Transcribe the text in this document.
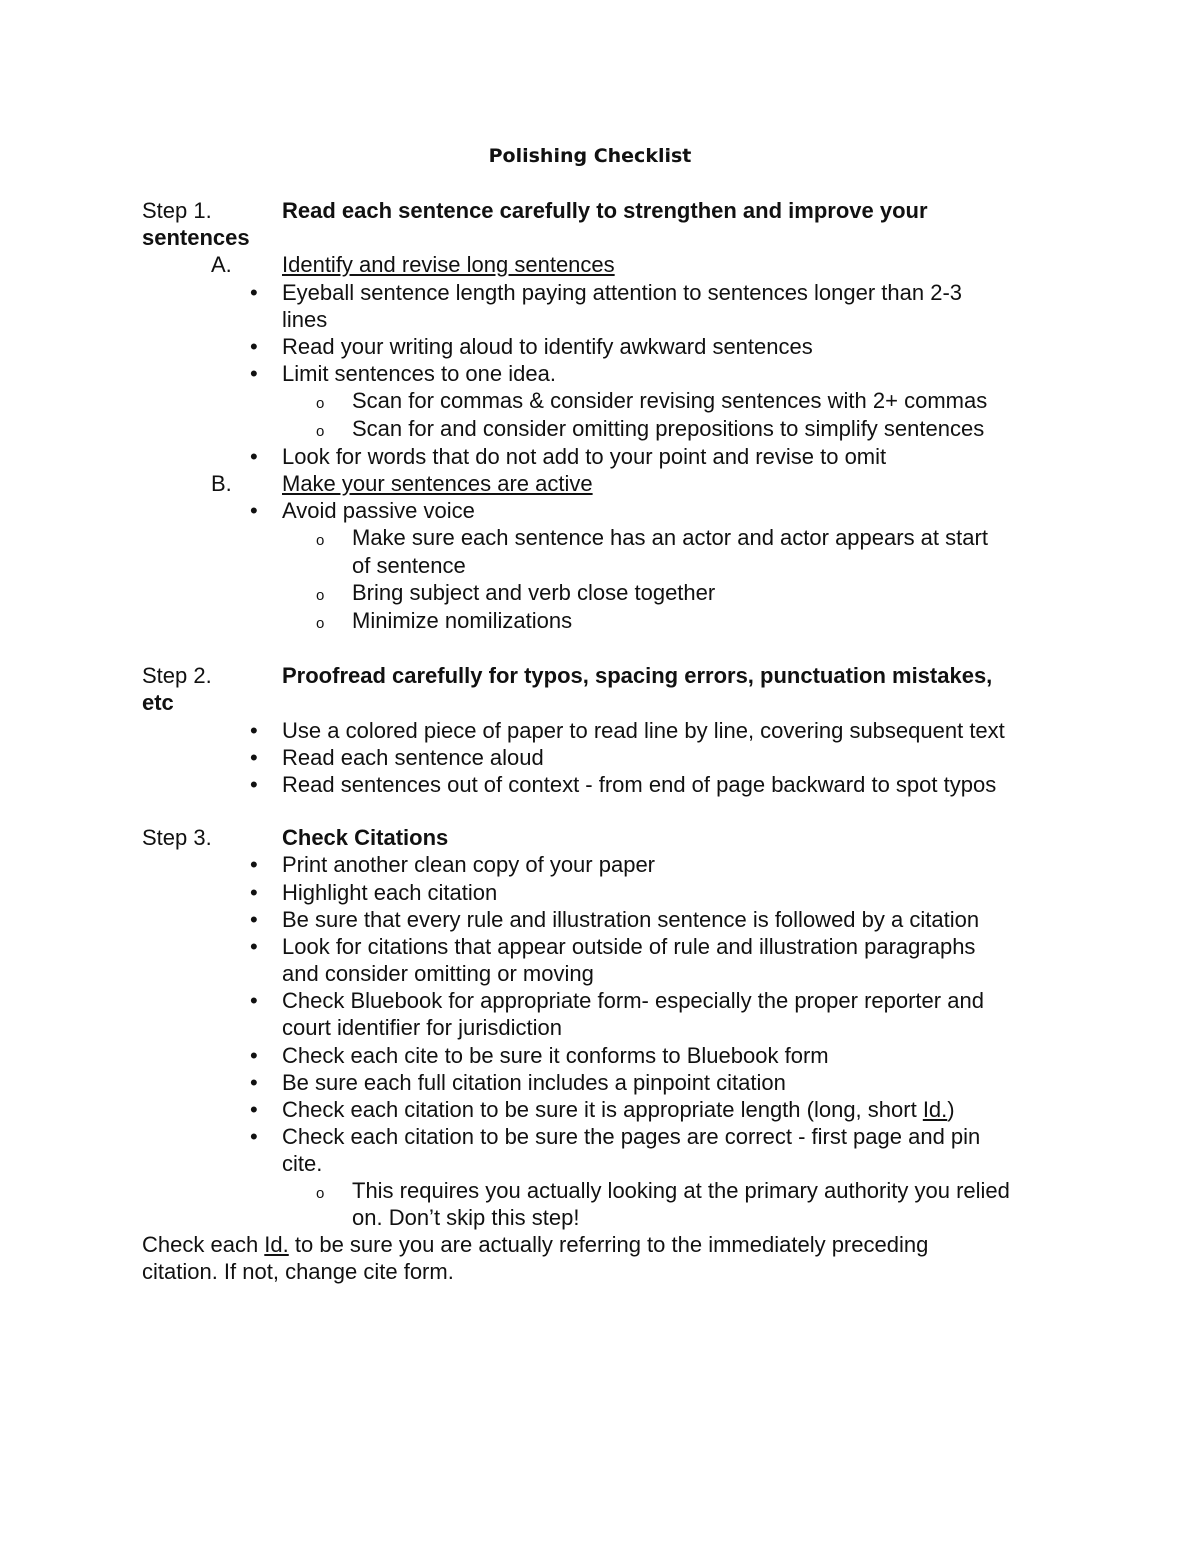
Polishing Checklist
Step 1.	Read each sentence carefully to strengthen and improve your
sentences
A. Identify and revise long sentences
• Eyeball sentence length paying attention to sentences longer than 2-3
lines
• Read your writing aloud to identify awkward sentences
• Limit sentences to one idea.
o Scan for commas & consider revising sentences with 2+ commas
o Scan for and consider omitting prepositions to simplify sentences
• Look for words that do not add to your point and revise to omit
B. Make your sentences are active
• Avoid passive voice
o Make sure each sentence has an actor and actor appears at start
of sentence
o Bring subject and verb close together
o Minimize nomilizations
Step 2.	Proofread carefully for typos, spacing errors, punctuation mistakes,
etc
• Use a colored piece of paper to read line by line, covering subsequent text
• Read each sentence aloud
• Read sentences out of context - from end of page backward to spot typos
Step 3.	Check Citations
• Print another clean copy of your paper
• Highlight each citation
• Be sure that every rule and illustration sentence is followed by a citation
• Look for citations that appear outside of rule and illustration paragraphs
and consider omitting or moving
• Check Bluebook for appropriate form- especially the proper reporter and
court identifier for jurisdiction
• Check each cite to be sure it conforms to Bluebook form
• Be sure each full citation includes a pinpoint citation
• Check each citation to be sure it is appropriate length (long, short Id.)
• Check each citation to be sure the pages are correct - first page and pin
cite.
o This requires you actually looking at the primary authority you relied
on. Don’t skip this step!
Check each Id. to be sure you are actually referring to the immediately preceding
citation. If not, change cite form.
